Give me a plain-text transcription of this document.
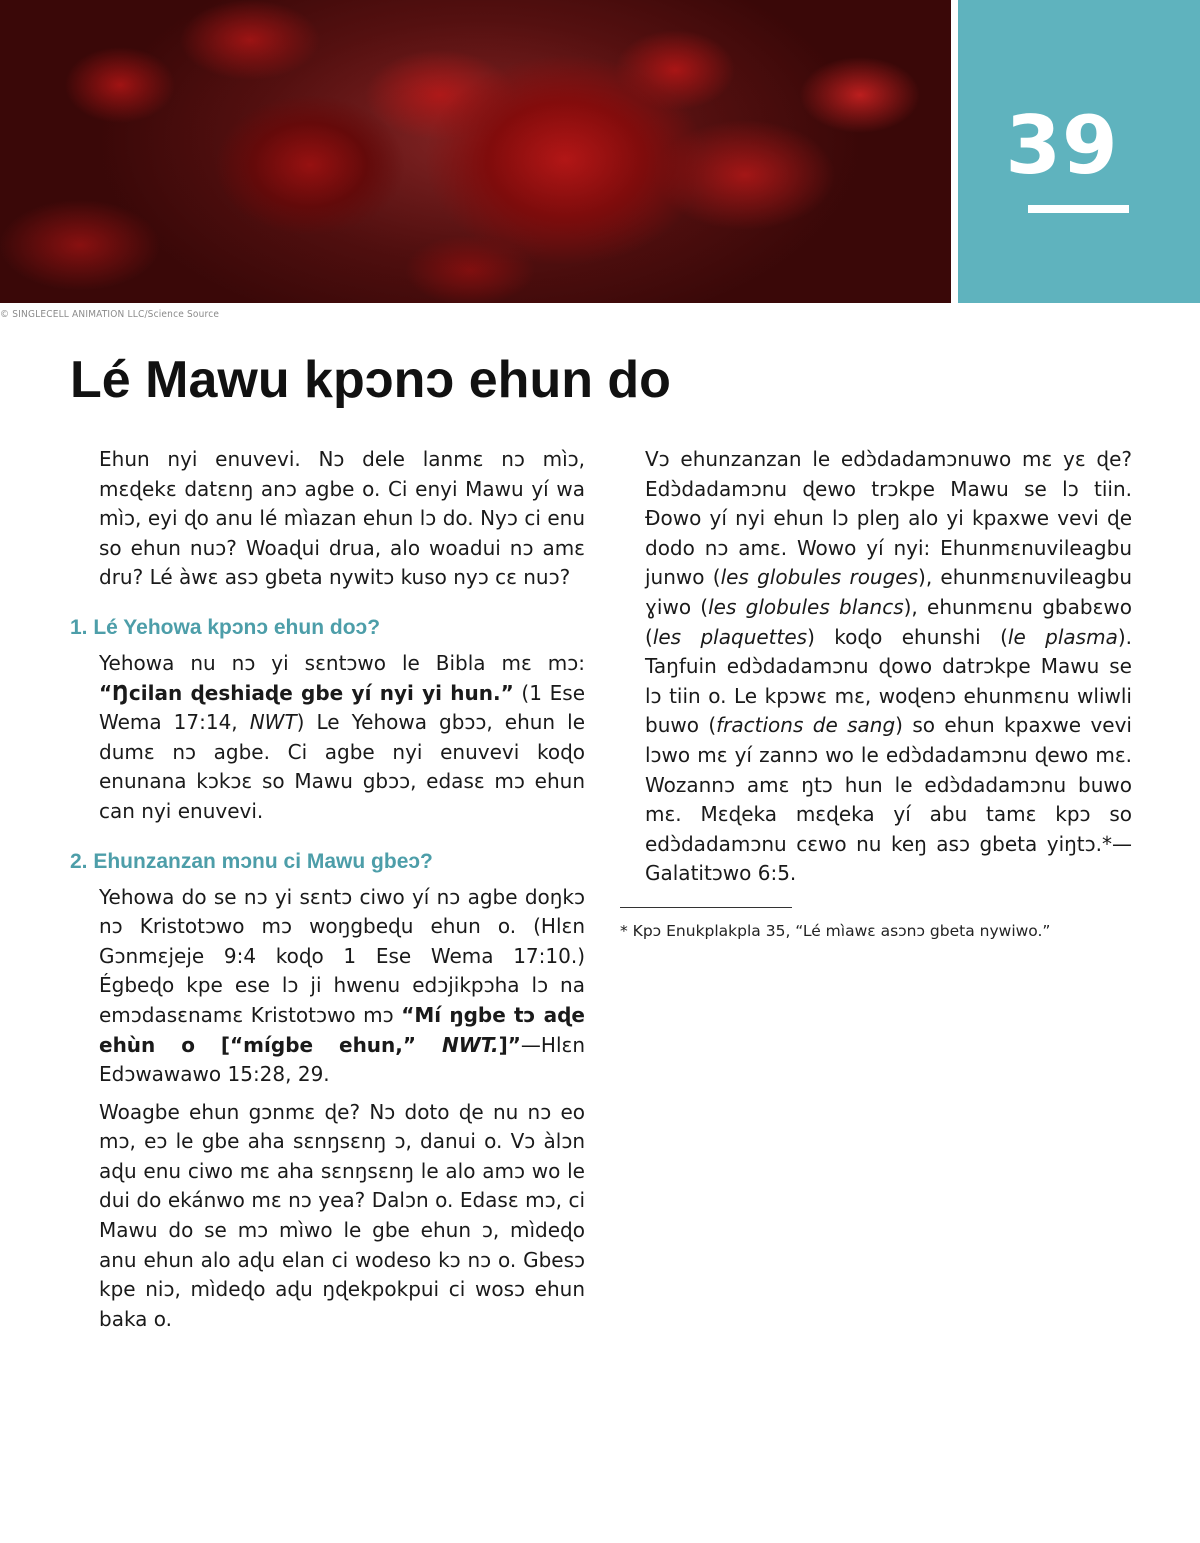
39
© SINGLECELL ANIMATION LLC/Science Source
Lé Mawu kpɔnɔ ehun do

Ehun nyi enuvevi. Nɔ dele lanmɛ nɔ mìɔ, mɛɖekɛ datɛnŋ anɔ agbe o. Ci enyi Mawu yí wa mìɔ, eyi ɖo anu lé mìazan ehun lɔ do. Nyɔ ci enu so ehun nuɔ? Woaɖui drua, alo woadui nɔ amɛ dru? Lé àwɛ asɔ gbeta nywitɔ kuso nyɔ cɛ nuɔ?

1. Lé Yehowa kpɔnɔ ehun doɔ?

Yehowa nu nɔ yi sɛntɔwo le Bibla mɛ mɔ: “Ŋcilan ɖeshiaɖe gbe yí nyi yi hun.” (1 Ese Wema 17:14, NWT) Le Yehowa gbɔɔ, ehun le dumɛ nɔ agbe. Ci agbe nyi enuvevi koɖo enunana kɔkɔɛ so Mawu gbɔɔ, edasɛ mɔ ehun can nyi enuvevi.

2. Ehunzanzan mɔnu ci Mawu gbeɔ?

Yehowa do se nɔ yi sɛntɔ ciwo yí nɔ agbe doŋkɔ nɔ Kristotɔwo mɔ woŋgbeɖu ehun o. (Hlɛn Gɔnmɛjeje 9:4 koɖo 1 Ese Wema 17:10.) Égbeɖo kpe ese lɔ ji hwenu edɔjikpɔha lɔ na emɔdasɛnamɛ Kristotɔwo mɔ “Mí ŋgbe tɔ aɖe ehùn o [“mígbe ehun,” NWT.]”—Hlɛn Edɔwawawo 15:28, 29.

Woagbe ehun gɔnmɛ ɖe? Nɔ doto ɖe nu nɔ eo mɔ, eɔ le gbe aha sɛnŋsɛnŋ ɔ, danui o. Vɔ àlɔn aɖu enu ciwo mɛ aha sɛnŋsɛnŋ le alo amɔ wo le dui do ekánwo mɛ nɔ yea? Dalɔn o. Edasɛ mɔ, ci Mawu do se mɔ mìwo le gbe ehun ɔ, mìdeɖo anu ehun alo aɖu elan ci wodeso kɔ nɔ o. Gbesɔ kpe niɔ, mìdeɖo aɖu ŋɖekpokpui ci wosɔ ehun baka o.

Vɔ ehunzanzan le edɔ̀dadamɔnuwo mɛ yɛ ɖe? Edɔ̀dadamɔnu ɖewo trɔkpe Mawu se lɔ tiin. Đowo yí nyi ehun lɔ pleŋ alo yi kpaxwe vevi ɖe dodo nɔ amɛ. Wowo yí nyi: Ehunmɛnuvileagbu junwo (les globules rouges), ehunmɛnuvileagbu ɣiwo (les globules blancs), ehunmɛnu gbabɛwo (les plaquettes) koɖo ehunshi (le plasma). Taŋfuin edɔ̀dadamɔnu ɖowo datrɔkpe Mawu se lɔ tiin o. Le kpɔwɛ mɛ, woɖenɔ ehunmɛnu wliwli buwo (fractions de sang) so ehun kpaxwe vevi lɔwo mɛ yí zannɔ wo le edɔ̀dadamɔnu ɖewo mɛ. Wozannɔ amɛ ŋtɔ hun le edɔ̀dadamɔnu buwo mɛ. Mɛɖeka mɛɖeka yí abu tamɛ kpɔ so edɔ̀dadamɔnu cɛwo nu keŋ asɔ gbeta yiŋtɔ.*—Galatitɔwo 6:5.

* Kpɔ Enukplakpla 35, “Lé mìawɛ asɔnɔ gbeta nywiwo.”
